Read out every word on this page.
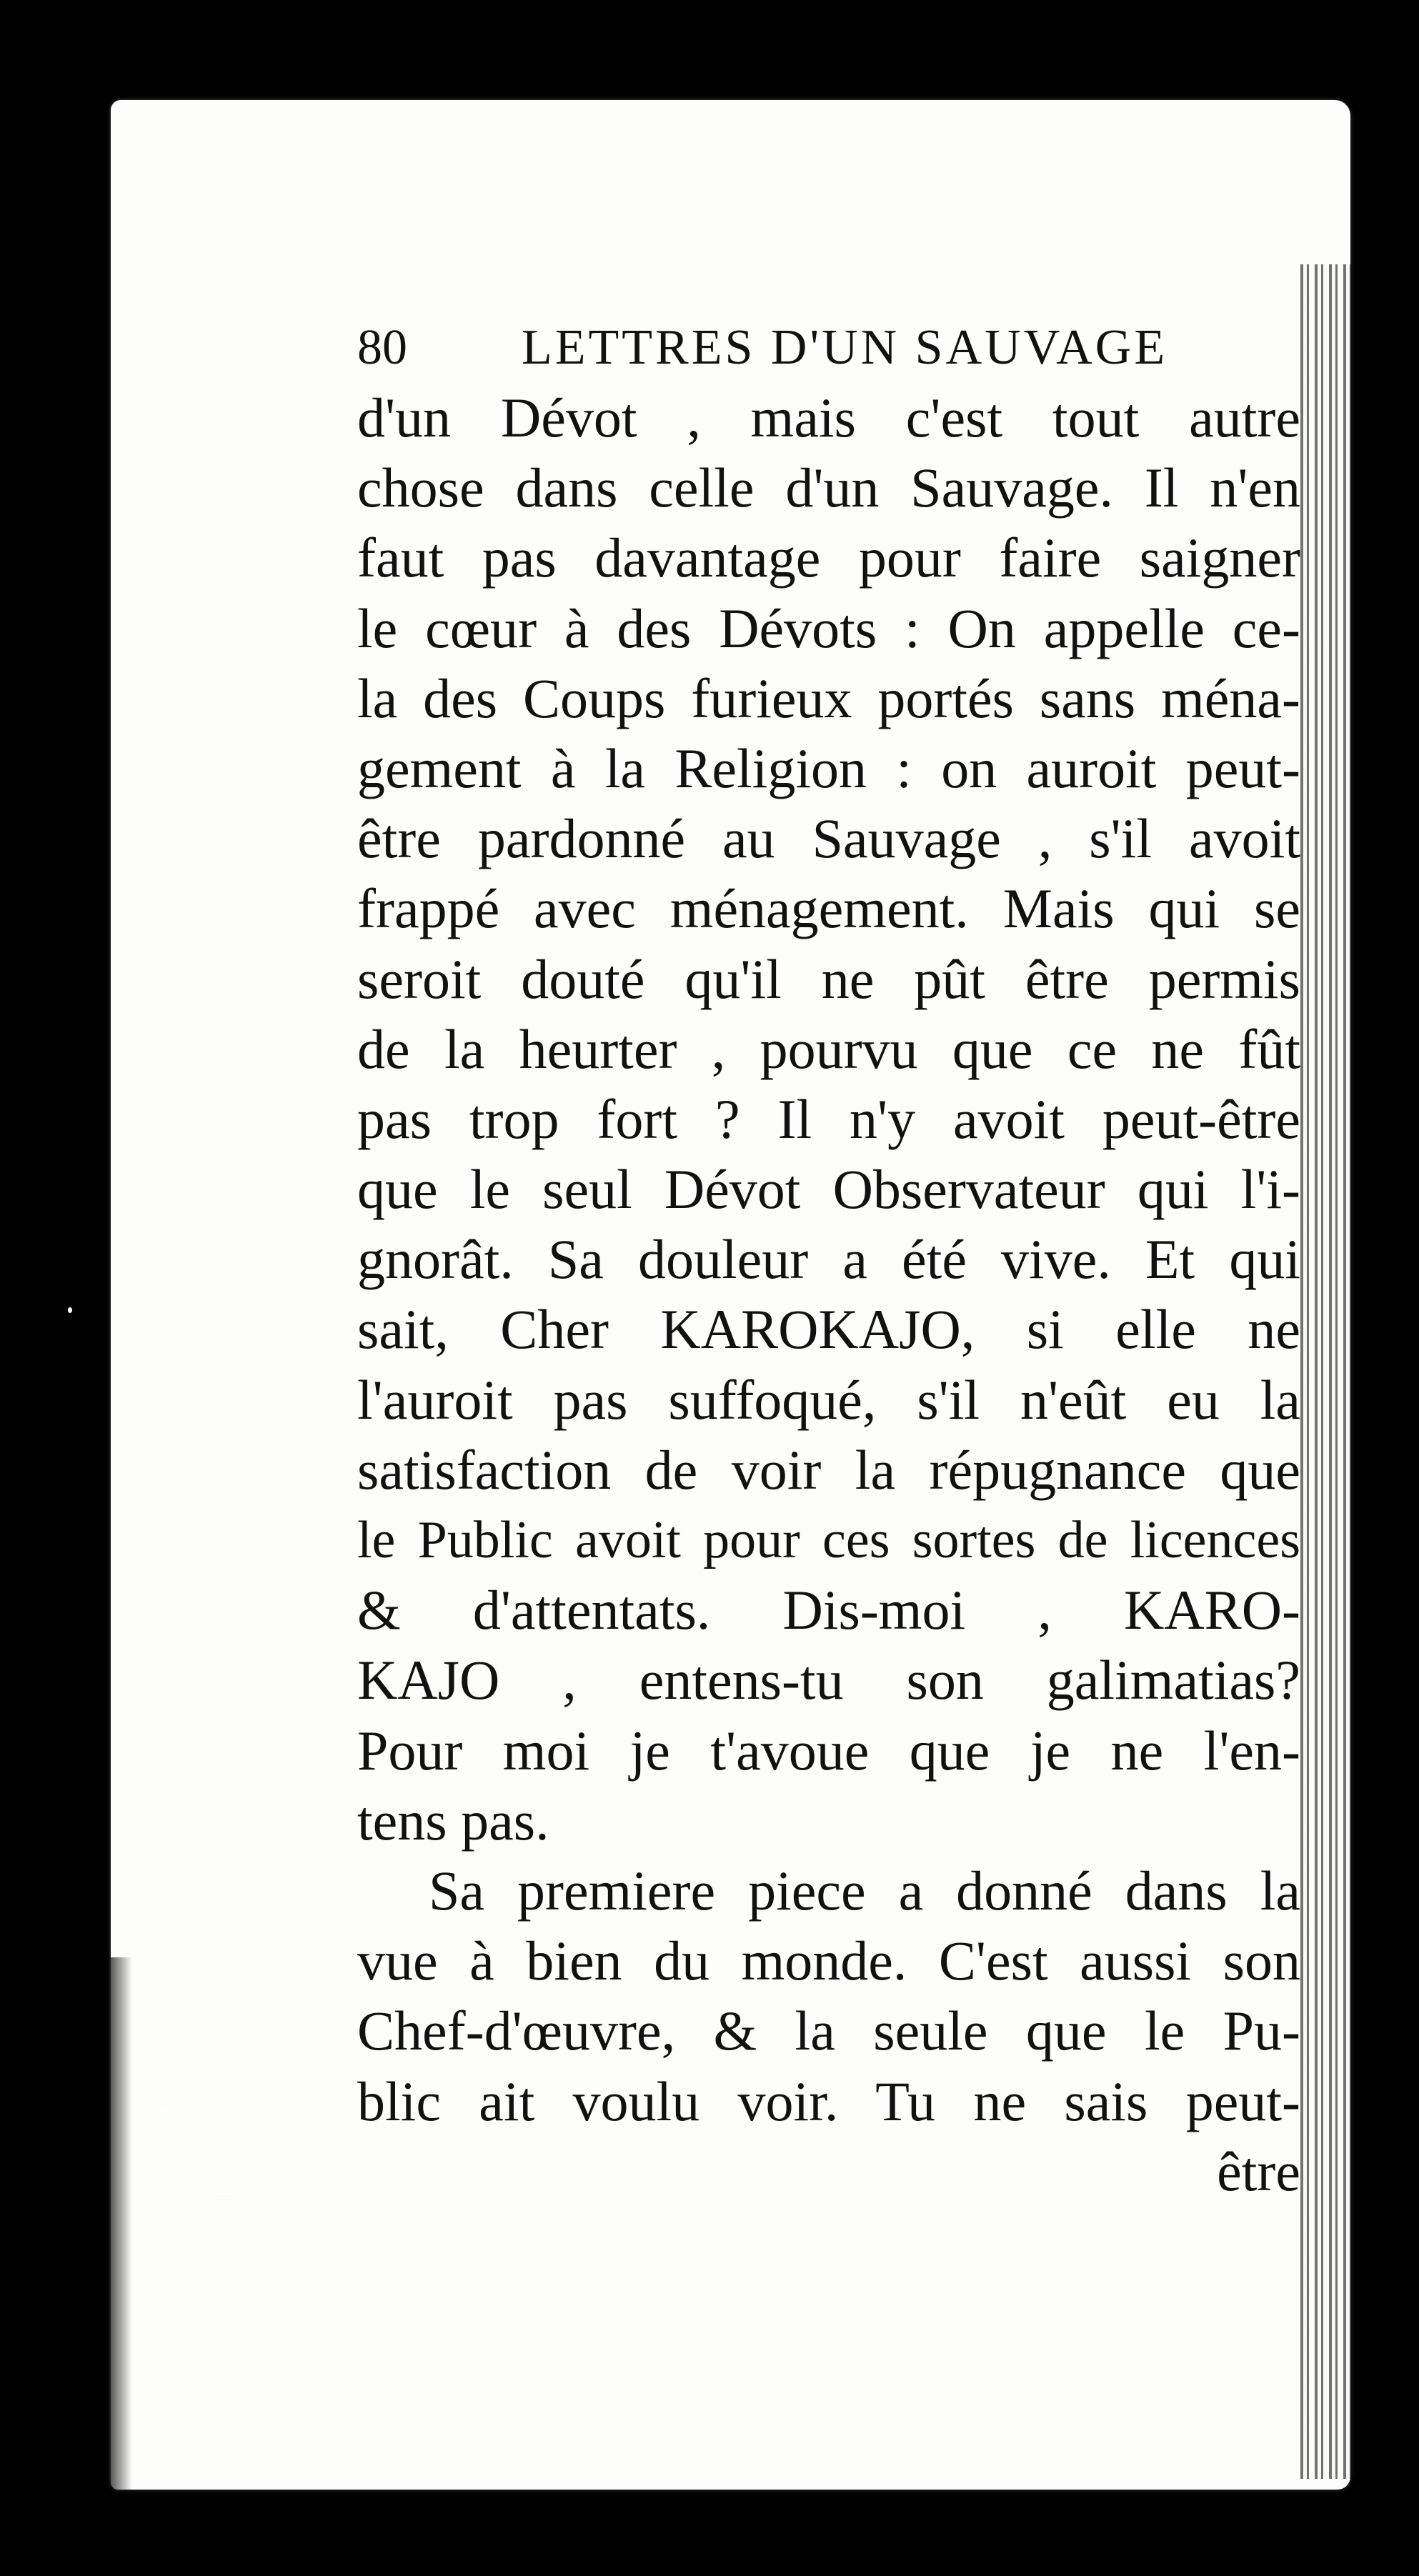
80	LETTRES D'UN SAUVAGE
d'un Dévot , mais c'est tout autre
chose dans celle d'un Sauvage. Il n'en
faut pas davantage pour faire saigner
le cœur à des Dévots : On appelle ce-
la des Coups furieux portés sans ména-
gement à la Religion : on auroit peut-
être pardonné au Sauvage , s'il avoit
frappé avec ménagement. Mais qui se
seroit douté qu'il ne pût être permis
de la heurter , pourvu que ce ne fût
pas trop fort ? Il n'y avoit peut-être
que le seul Dévot Observateur qui l'i-
gnorât. Sa douleur a été vive. Et qui
sait, Cher KAROKAJO, si elle ne
l'auroit pas suffoqué, s'il n'eût eu la
satisfaction de voir la répugnance que
le Public avoit pour ces sortes de licences
& d'attentats. Dis-moi , KARO-
KAJO , entens-tu son galimatias?
Pour moi je t'avoue que je ne l'en-
tens pas.
Sa premiere piece a donné dans la
vue à bien du monde. C'est aussi son
Chef-d'œuvre, & la seule que le Pu-
blic ait voulu voir. Tu ne sais peut-
être
